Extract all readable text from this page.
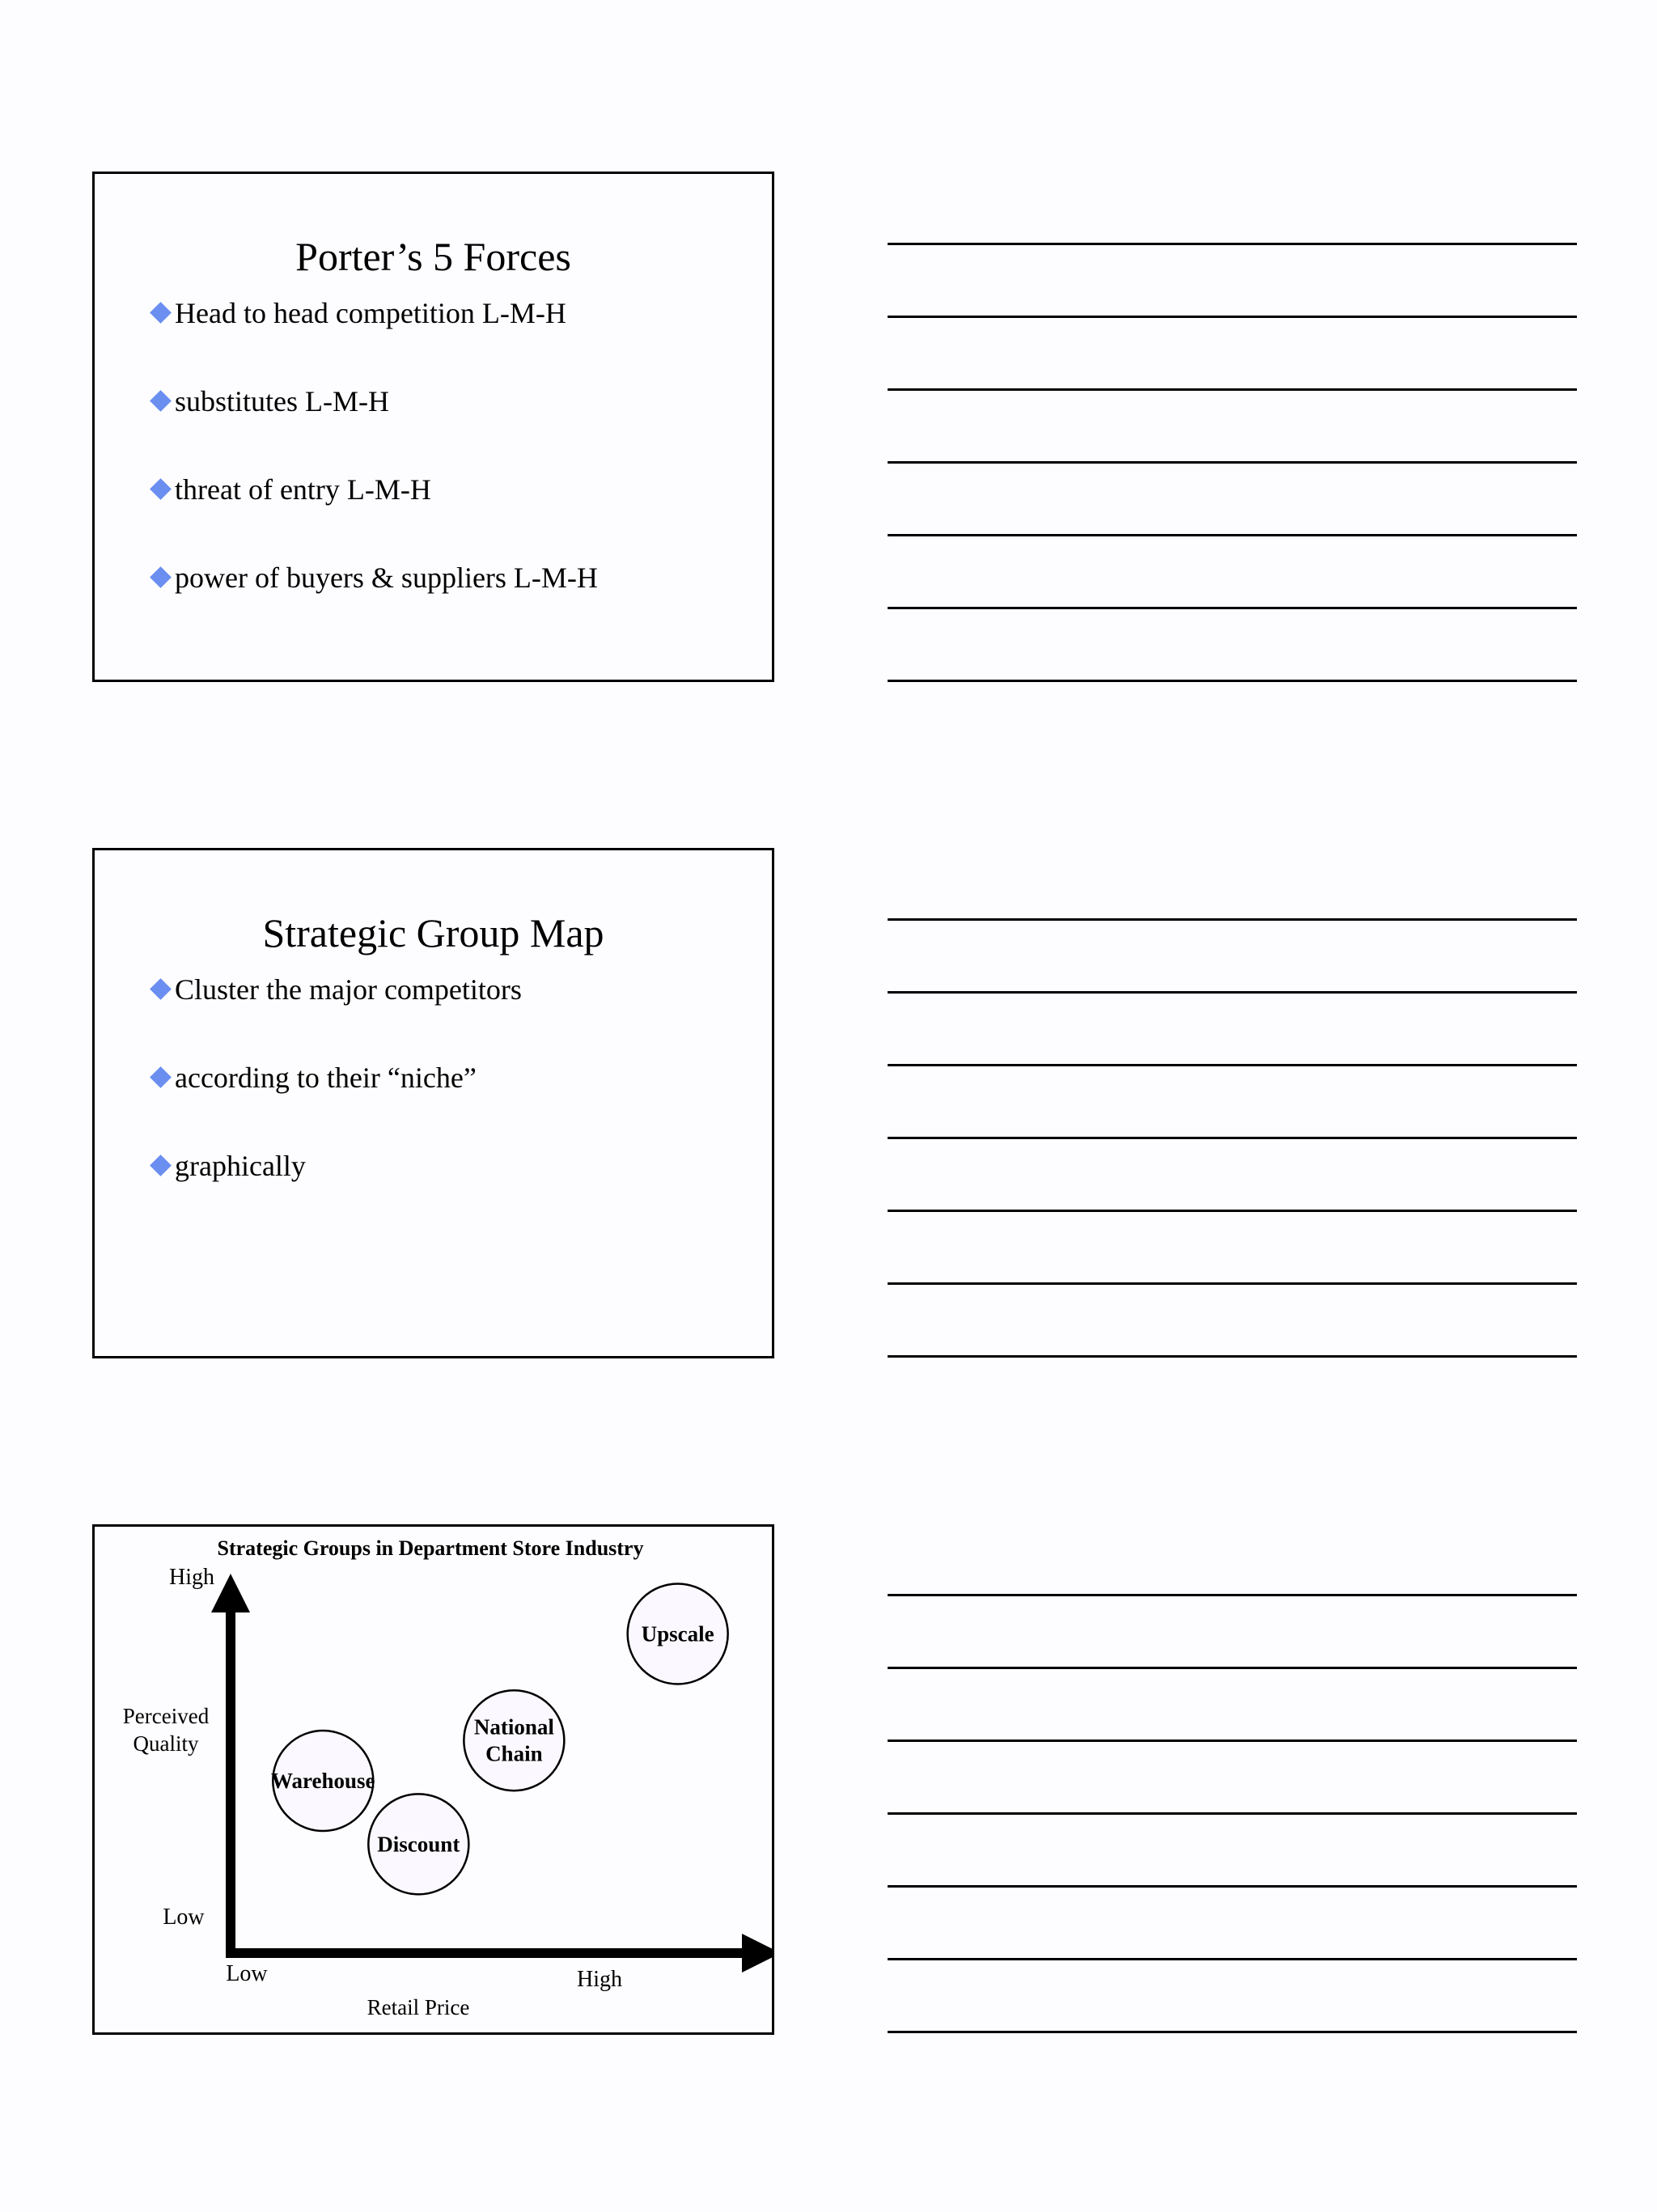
Porter’s 5 Forces
Head to head competition L-M-H
substitutes L-M-H
threat of entry L-M-H
power of buyers & suppliers L-M-H
Strategic Group Map
Cluster the major competitors
according to their “niche”
graphically
Strategic Groups in Department Store Industry
High
Low
Low	High
Retail Price
Perceived Quality
Upscale
National Chain
Warehouse
Discount
